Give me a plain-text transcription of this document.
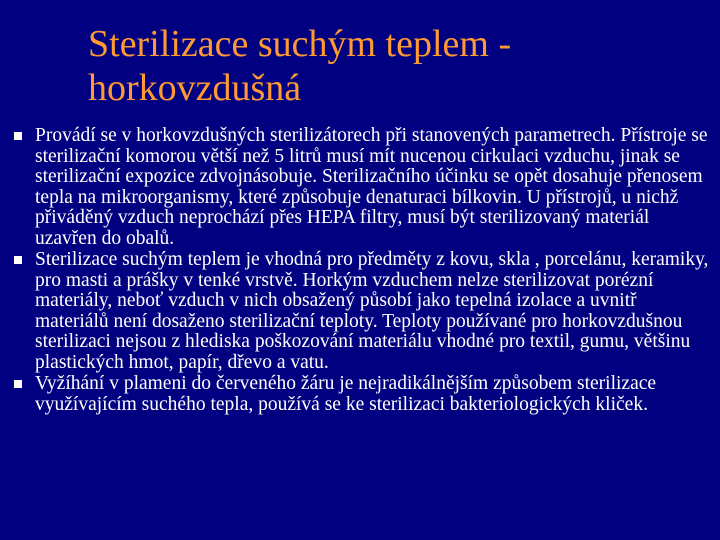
Sterilizace suchým teplem -
horkovzdušná
Provádí se v horkovzdušných sterilizátorech při stanovených parametrech. Přístroje se sterilizační komorou větší než 5 litrů musí mít nucenou cirkulaci vzduchu, jinak se sterilizační expozice zdvojnásobuje. Sterilizačního účinku se opět dosahuje přenosem tepla na mikroorganismy, které způsobuje denaturaci bílkovin. U přístrojů, u nichž přiváděný vzduch neprochází přes HEPA filtry, musí být sterilizovaný materiál uzavřen do obalů.
Sterilizace suchým teplem je vhodná pro předměty z kovu, skla , porcelánu, keramiky, pro masti a prášky v tenké vrstvě. Horkým vzduchem nelze sterilizovat porézní materiály, neboť vzduch v nich obsažený působí jako tepelná izolace a uvnitř materiálů není dosaženo sterilizační teploty. Teploty používané pro horkovzdušnou sterilizaci nejsou z hlediska poškozování materiálu vhodné pro textil, gumu, většinu plastických hmot, papír, dřevo a vatu.
Vyžíhání v plameni do červeného žáru je nejradikálnějším způsobem sterilizace využívajícím suchého tepla, používá se ke sterilizaci bakteriologických kliček.
